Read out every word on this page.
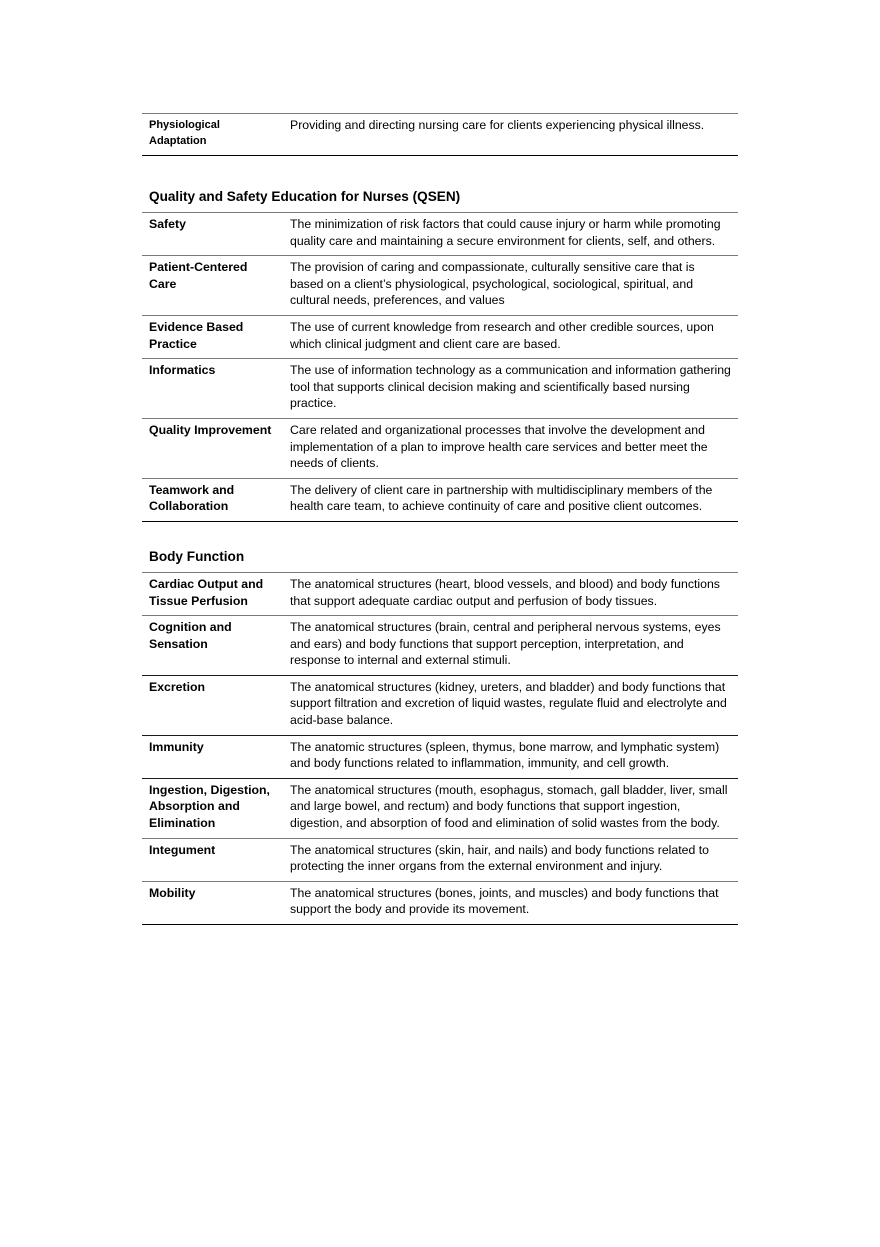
Physiological Adaptation	Providing and directing nursing care for clients experiencing physical illness.
Quality and Safety Education for Nurses (QSEN)
Safety	The minimization of risk factors that could cause injury or harm while promoting quality care and maintaining a secure environment for clients, self, and others.
Patient-Centered Care	The provision of caring and compassionate, culturally sensitive care that is based on a client’s physiological, psychological, sociological, spiritual, and cultural needs, preferences, and values
Evidence Based Practice	The use of current knowledge from research and other credible sources, upon which clinical judgment and client care are based.
Informatics	The use of information technology as a communication and information gathering tool that supports clinical decision making and scientifically based nursing practice.
Quality Improvement	Care related and organizational processes that involve the development and implementation of a plan to improve health care services and better meet the needs of clients.
Teamwork and Collaboration	The delivery of client care in partnership with multidisciplinary members of the health care team, to achieve continuity of care and positive client outcomes.
Body Function
Cardiac Output and Tissue Perfusion	The anatomical structures (heart, blood vessels, and blood) and body functions that support adequate cardiac output and perfusion of body tissues.
Cognition and Sensation	The anatomical structures (brain, central and peripheral nervous systems, eyes and ears) and body functions that support perception, interpretation, and response to internal and external stimuli.
Excretion	The anatomical structures (kidney, ureters, and bladder) and body functions that support filtration and excretion of liquid wastes, regulate fluid and electrolyte and acid-base balance.
Immunity	The anatomic structures (spleen, thymus, bone marrow, and lymphatic system) and body functions related to inflammation, immunity, and cell growth.
Ingestion, Digestion, Absorption and Elimination	The anatomical structures (mouth, esophagus, stomach, gall bladder, liver, small and large bowel, and rectum) and body functions that support ingestion, digestion, and absorption of food and elimination of solid wastes from the body.
Integument	The anatomical structures (skin, hair, and nails) and body functions related to protecting the inner organs from the external environment and injury.
Mobility	The anatomical structures (bones, joints, and muscles) and body functions that support the body and provide its movement.
